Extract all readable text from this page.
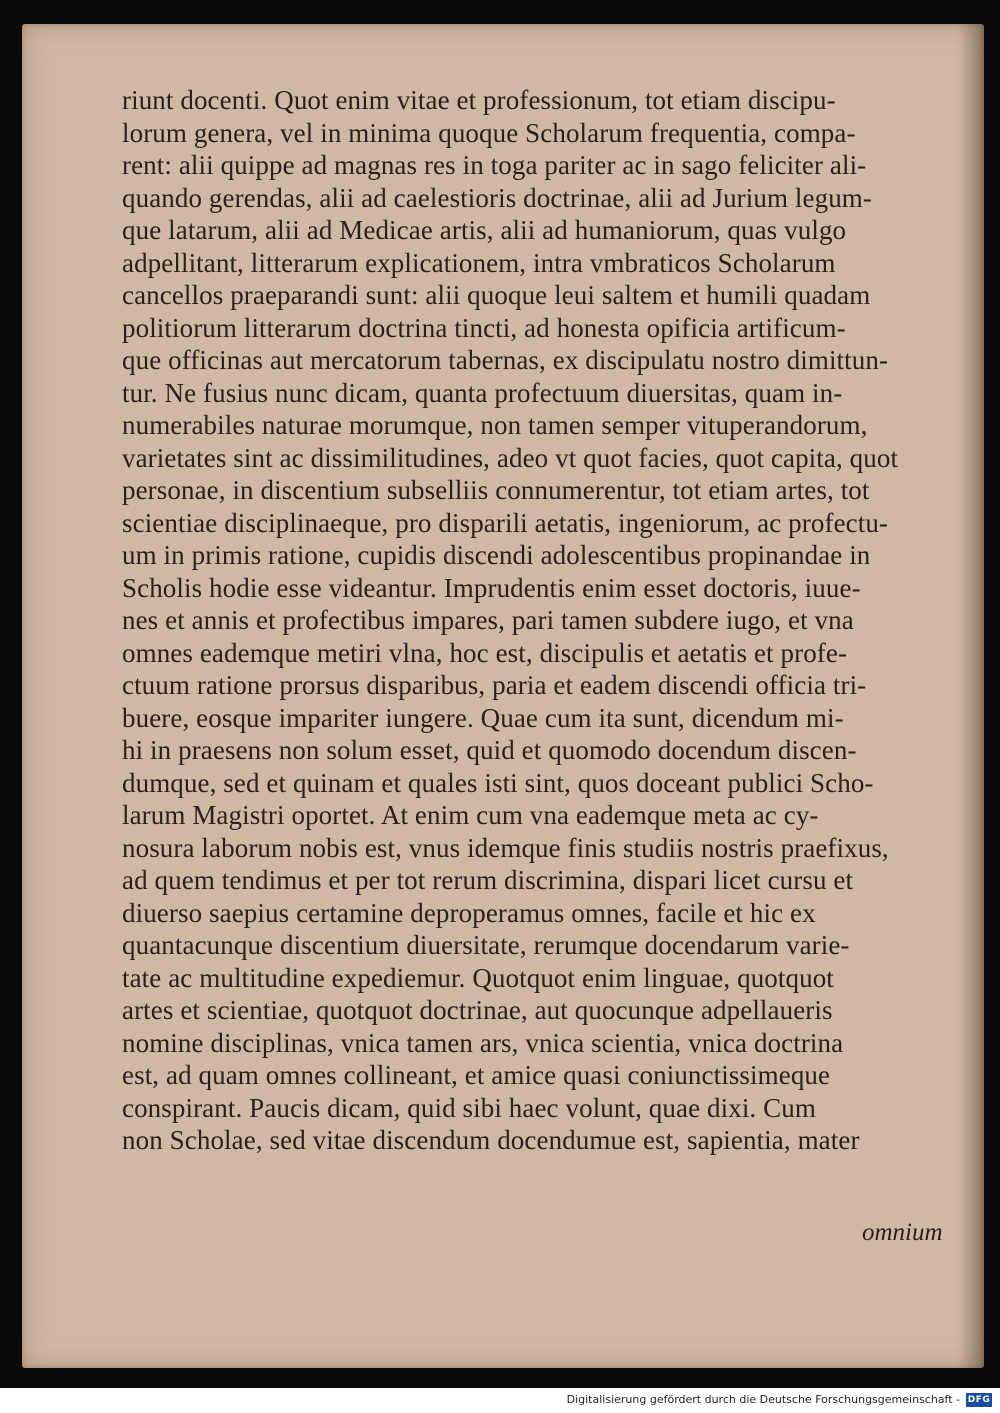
riunt docenti. Quot enim vitae et professionum, tot etiam discipu-
lorum genera, vel in minima quoque Scholarum frequentia, compa-
rent: alii quippe ad magnas res in toga pariter ac in sago feliciter ali-
quando gerendas, alii ad caelestioris doctrinae, alii ad Jurium legum-
que latarum, alii ad Medicae artis, alii ad humaniorum, quas vulgo
adpellitant, litterarum explicationem, intra vmbraticos Scholarum
cancellos praeparandi sunt: alii quoque leui saltem et humili quadam
politiorum litterarum doctrina tincti, ad honesta opificia artificum-
que officinas aut mercatorum tabernas, ex discipulatu nostro dimittun-
tur. Ne fusius nunc dicam, quanta profectuum diuersitas, quam in-
numerabiles naturae morumque, non tamen semper vituperandorum,
varietates sint ac dissimilitudines, adeo vt quot facies, quot capita, quot
personae, in discentium subselliis connumerentur, tot etiam artes, tot
scientiae disciplinaeque, pro disparili aetatis, ingeniorum, ac profectu-
um in primis ratione, cupidis discendi adolescentibus propinandae in
Scholis hodie esse videantur. Imprudentis enim esset doctoris, iuue-
nes et annis et profectibus impares, pari tamen subdere iugo, et vna
omnes eademque metiri vlna, hoc est, discipulis et aetatis et profe-
ctuum ratione prorsus disparibus, paria et eadem discendi officia tri-
buere, eosque impariter iungere. Quae cum ita sunt, dicendum mi-
hi in praesens non solum esset, quid et quomodo docendum discen-
dumque, sed et quinam et quales isti sint, quos doceant publici Scho-
larum Magistri oportet. At enim cum vna eademque meta ac cy-
nosura laborum nobis est, vnus idemque finis studiis nostris praefixus,
ad quem tendimus et per tot rerum discrimina, dispari licet cursu et
diuerso saepius certamine deproperamus omnes, facile et hic ex
quantacunque discentium diuersitate, rerumque docendarum varie-
tate ac multitudine expediemur. Quotquot enim linguae, quotquot
artes et scientiae, quotquot doctrinae, aut quocunque adpellaueris
nomine disciplinas, vnica tamen ars, vnica scientia, vnica doctrina
est, ad quam omnes collineant, et amice quasi coniunctissimeque
conspirant. Paucis dicam, quid sibi haec volunt, quae dixi. Cum
non Scholae, sed vitae discendum docendumue est, sapientia, mater
omnium
Digitalisierung gefördert durch die Deutsche Forschungsgemeinschaft - DFG
